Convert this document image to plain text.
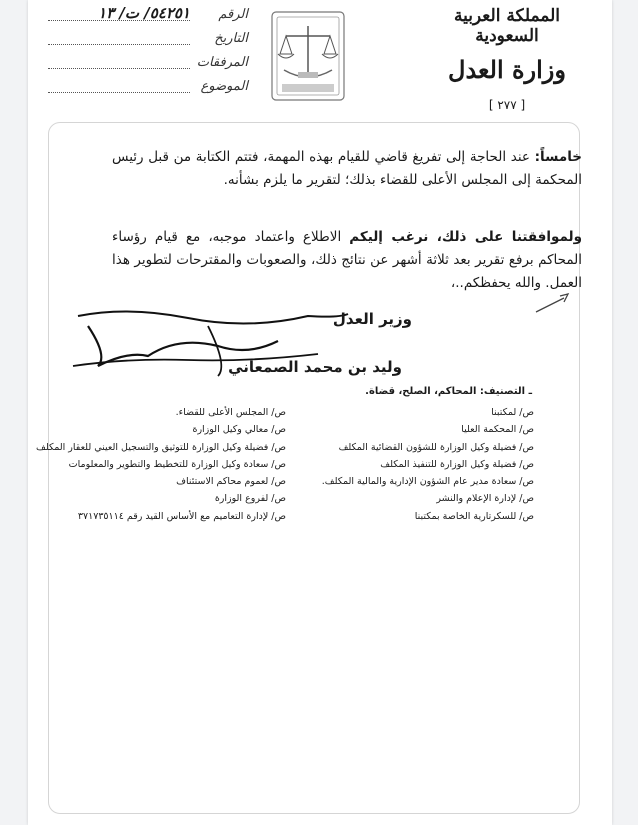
المملكة العربية السعودية
وزارة العدل
[ ٢٧٧ ]
الرقم
٥٤٢٥١/ ت/ ١٣
التاريخ
المرفقات
الموضوع
خامساً: عند الحاجة إلى تفريغ قاضي للقيام بهذه المهمة، فتتم الكتابة من قبل رئيس المحكمة إلى المجلس الأعلى للقضاء بذلك؛ لتقرير ما يلزم بشأنه.
ولموافقتنا على ذلك، نرغب إليكم الاطلاع واعتماد موجبه، مع قيام رؤساء المحاكم برفع تقرير بعد ثلاثة أشهر عن نتائج ذلك، والصعوبات والمقترحات لتطوير هذا العمل. والله يحفظكم..،
وزير العدل
وليد بن محمد الصمعاني
ـ التصنيف: المحاكم، الصلح، قضاة.
ص/ لمكتبنا
ص/ المحكمة العليا
ص/ فضيلة وكيل الوزارة للشؤون القضائية المكلف
ص/ فضيلة وكيل الوزارة للتنفيذ المكلف
ص/ سعادة مدير عام الشؤون الإدارية والمالية المكلف.
ص/ لإدارة الإعلام والنشر
ص/ للسكرتارية الخاصة بمكتبنا
ص/ المجلس الأعلى للقضاء.
ص/ معالي وكيل الوزارة
ص/ فضيلة وكيل الوزارة للتوثيق والتسجيل العيني للعقار المكلف
ص/ سعادة وكيل الوزارة للتخطيط والتطوير والمعلومات
ص/ لعموم محاكم الاستئناف
ص/ لفروع الوزارة
ص/ لإدارة التعاميم مع الأساس القيد رقم ٣٧١٧٣٥١١٤
